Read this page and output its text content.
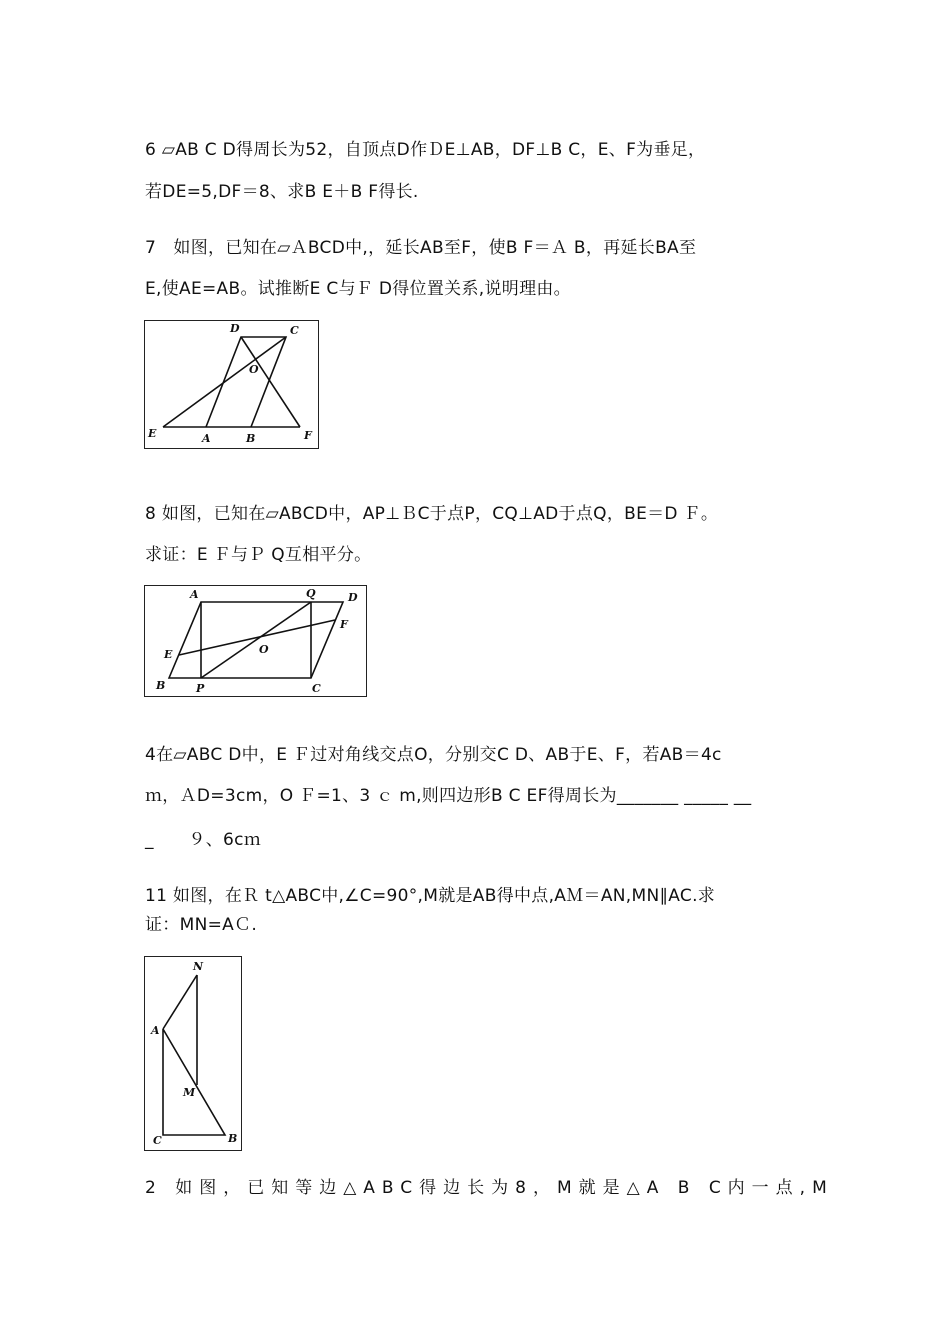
6 ▱AB C D得周长为52，自顶点D作ＤE⊥AB，DF⊥B C，E、F为垂足，
若DE=5,DF＝8、求B E＋B F得长.
7　如图，已知在▱ＡBCD中,，延长AB至F，使B F＝Ａ B，再延长BA至
E,使AE=AB。试推断E C与Ｆ D得位置关系,说明理由。
D	C
O
E	A	B	F
8 如图，已知在▱ABCD中，AP⊥ＢC于点P，CQ⊥AD于点Q，BE＝D Ｆ。
求证：E Ｆ与Ｐ Q互相平分。
A	Q	D
F
E	O
B	P	C
4在▱ABC D中，E Ｆ过对角线交点O，分别交C D、AB于E、F，若AB＝4c
ｍ，ＡD=3cm，O Ｆ=1、3 ｃ m,则四边形B C EF得周长为_______ _____ __
_　　９、6cｍ
11 如图，在Ｒ t△ABC中,∠C=90°,M就是AB得中点,AＭ＝AN,MN∥AC.求
证：MN=AＣ.
N
A
M
C	B
2 如图，已知等边△ABC得边长为8，M就是△A B C内一点,M
